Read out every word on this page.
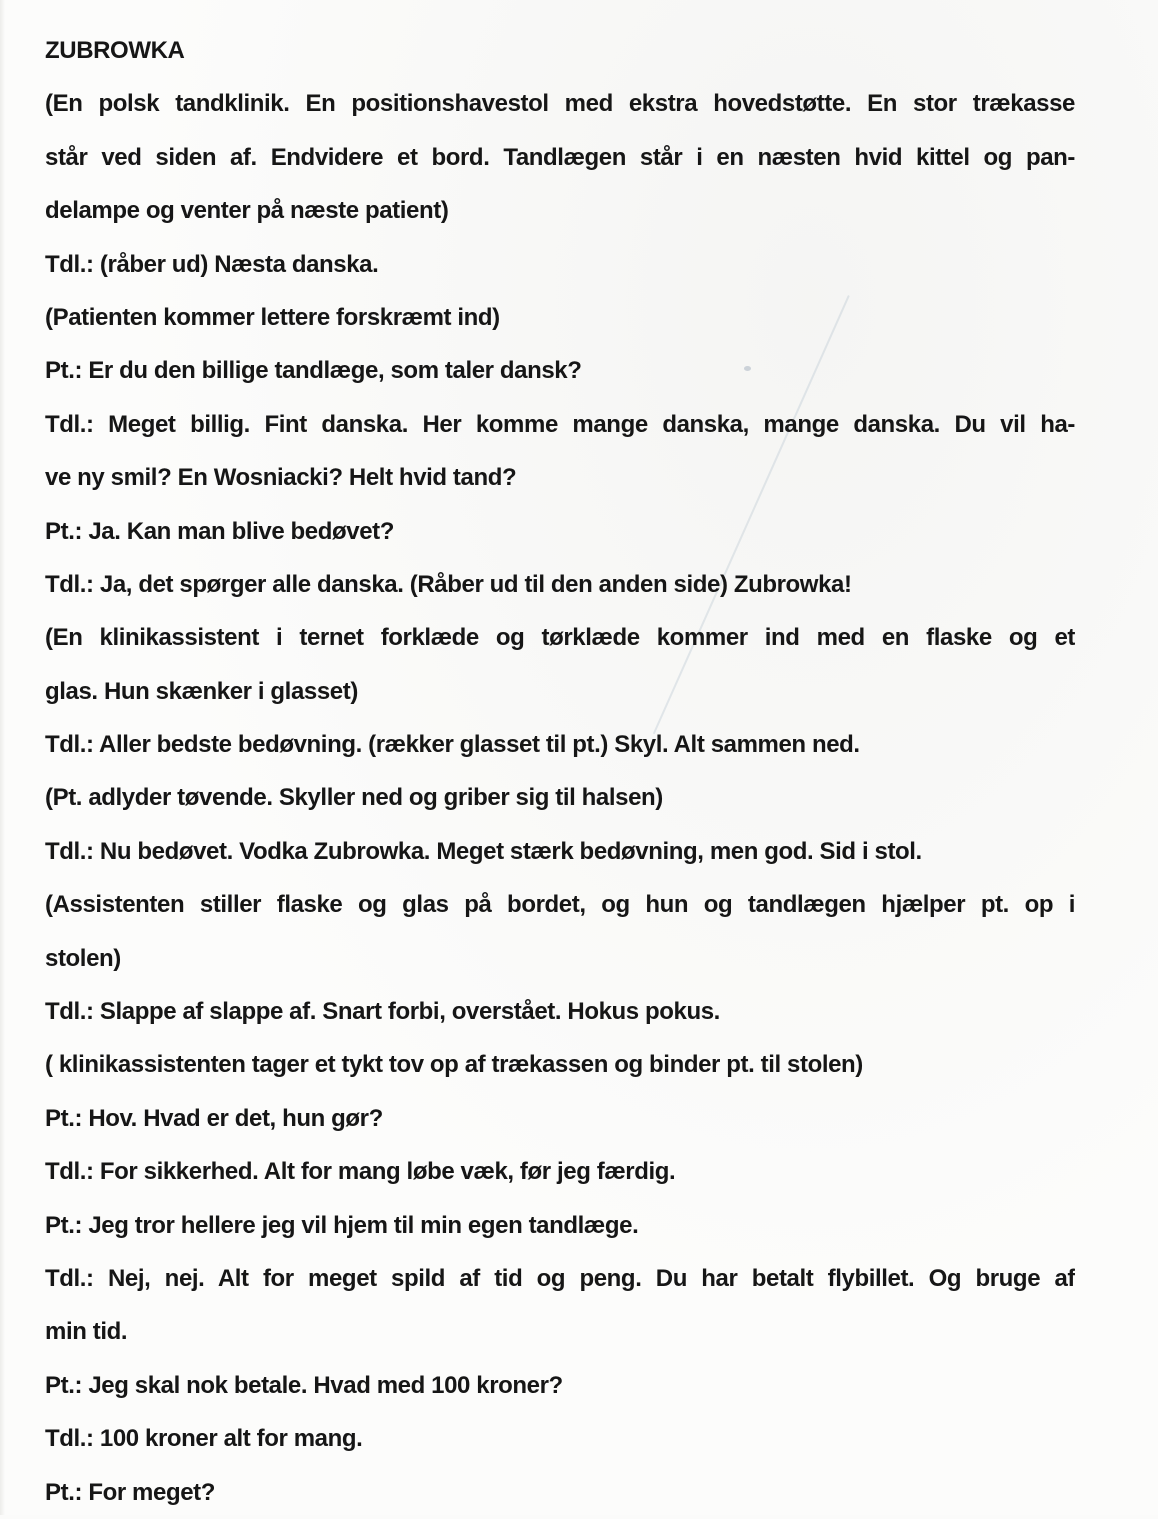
ZUBROWKA
(En polsk tandklinik. En positionshavestol med ekstra hovedstøtte. En stor trækasse
står ved siden af. Endvidere et bord. Tandlægen står i en næsten hvid kittel og pan-
delampe og venter på næste patient)
Tdl.: (råber ud) Næsta danska.
(Patienten kommer lettere forskræmt ind)
Pt.: Er du den billige tandlæge, som taler dansk?
Tdl.: Meget billig. Fint danska. Her komme mange danska, mange danska. Du vil ha-
ve ny smil? En Wosniacki? Helt hvid tand?
Pt.: Ja. Kan man blive bedøvet?
Tdl.: Ja, det spørger alle danska. (Råber ud til den anden side) Zubrowka!
(En klinikassistent i ternet forklæde og tørklæde kommer ind med en flaske og et
glas. Hun skænker i glasset)
Tdl.: Aller bedste bedøvning. (rækker glasset til pt.) Skyl. Alt sammen ned.
(Pt. adlyder tøvende. Skyller ned og griber sig til halsen)
Tdl.: Nu bedøvet. Vodka Zubrowka. Meget stærk bedøvning, men god. Sid i stol.
(Assistenten stiller flaske og glas på bordet, og hun og tandlægen hjælper pt. op i
stolen)
Tdl.: Slappe af slappe af. Snart forbi, overstået. Hokus pokus.
( klinikassistenten tager et tykt tov op af trækassen og binder pt. til stolen)
Pt.: Hov. Hvad er det, hun gør?
Tdl.: For sikkerhed. Alt for mang løbe væk, før jeg færdig.
Pt.: Jeg tror hellere jeg vil hjem til min egen tandlæge.
Tdl.: Nej, nej. Alt for meget spild af tid og peng. Du har betalt flybillet. Og bruge af
min tid.
Pt.: Jeg skal nok betale. Hvad med 100 kroner?
Tdl.: 100 kroner alt for mang.
Pt.: For meget?
